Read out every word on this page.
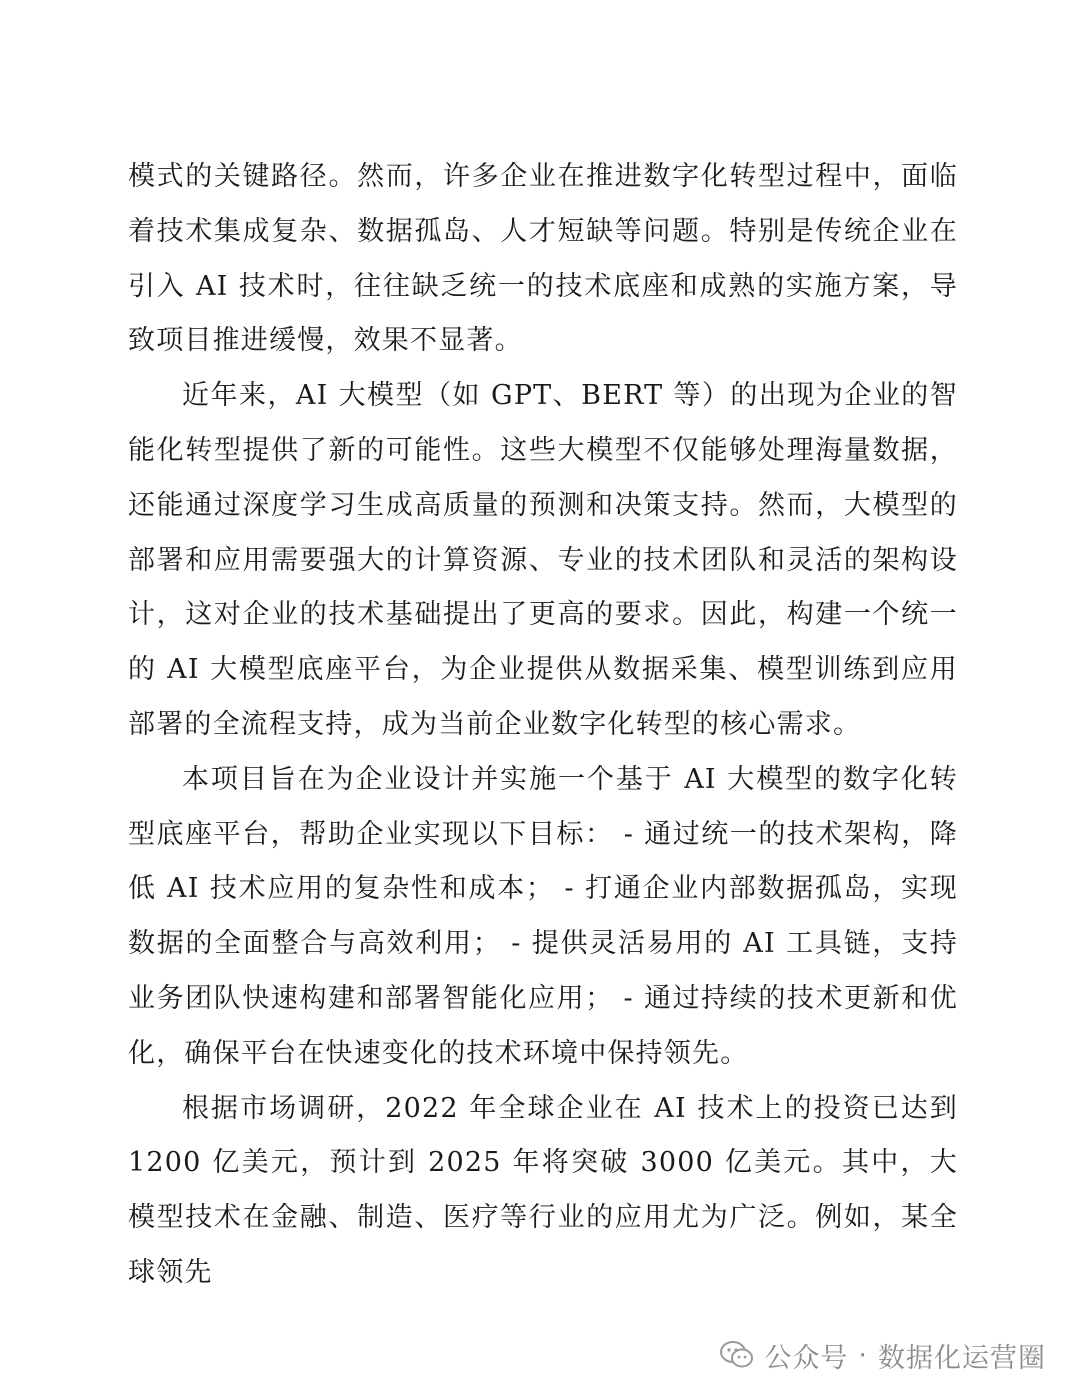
模式的关键路径。然而，许多企业在推进数字化转型过程中，面临着技术集成复杂、数据孤岛、人才短缺等问题。特别是传统企业在引入 AI 技术时，往往缺乏统一的技术底座和成熟的实施方案，导致项目推进缓慢，效果不显著。

近年来，AI 大模型（如 GPT、BERT 等）的出现为企业的智能化转型提供了新的可能性。这些大模型不仅能够处理海量数据，还能通过深度学习生成高质量的预测和决策支持。然而，大模型的部署和应用需要强大的计算资源、专业的技术团队和灵活的架构设计，这对企业的技术基础提出了更高的要求。因此，构建一个统一的 AI 大模型底座平台，为企业提供从数据采集、模型训练到应用部署的全流程支持，成为当前企业数字化转型的核心需求。

本项目旨在为企业设计并实施一个基于 AI 大模型的数字化转型底座平台，帮助企业实现以下目标： - 通过统一的技术架构，降低 AI 技术应用的复杂性和成本； - 打通企业内部数据孤岛，实现数据的全面整合与高效利用； - 提供灵活易用的 AI 工具链，支持业务团队快速构建和部署智能化应用； - 通过持续的技术更新和优化，确保平台在快速变化的技术环境中保持领先。

根据市场调研，2022 年全球企业在 AI 技术上的投资已达到 1200 亿美元，预计到 2025 年将突破 3000 亿美元。其中，大模型技术在金融、制造、医疗等行业的应用尤为广泛。例如，某全球领先

公众号 · 数据化运营圈
